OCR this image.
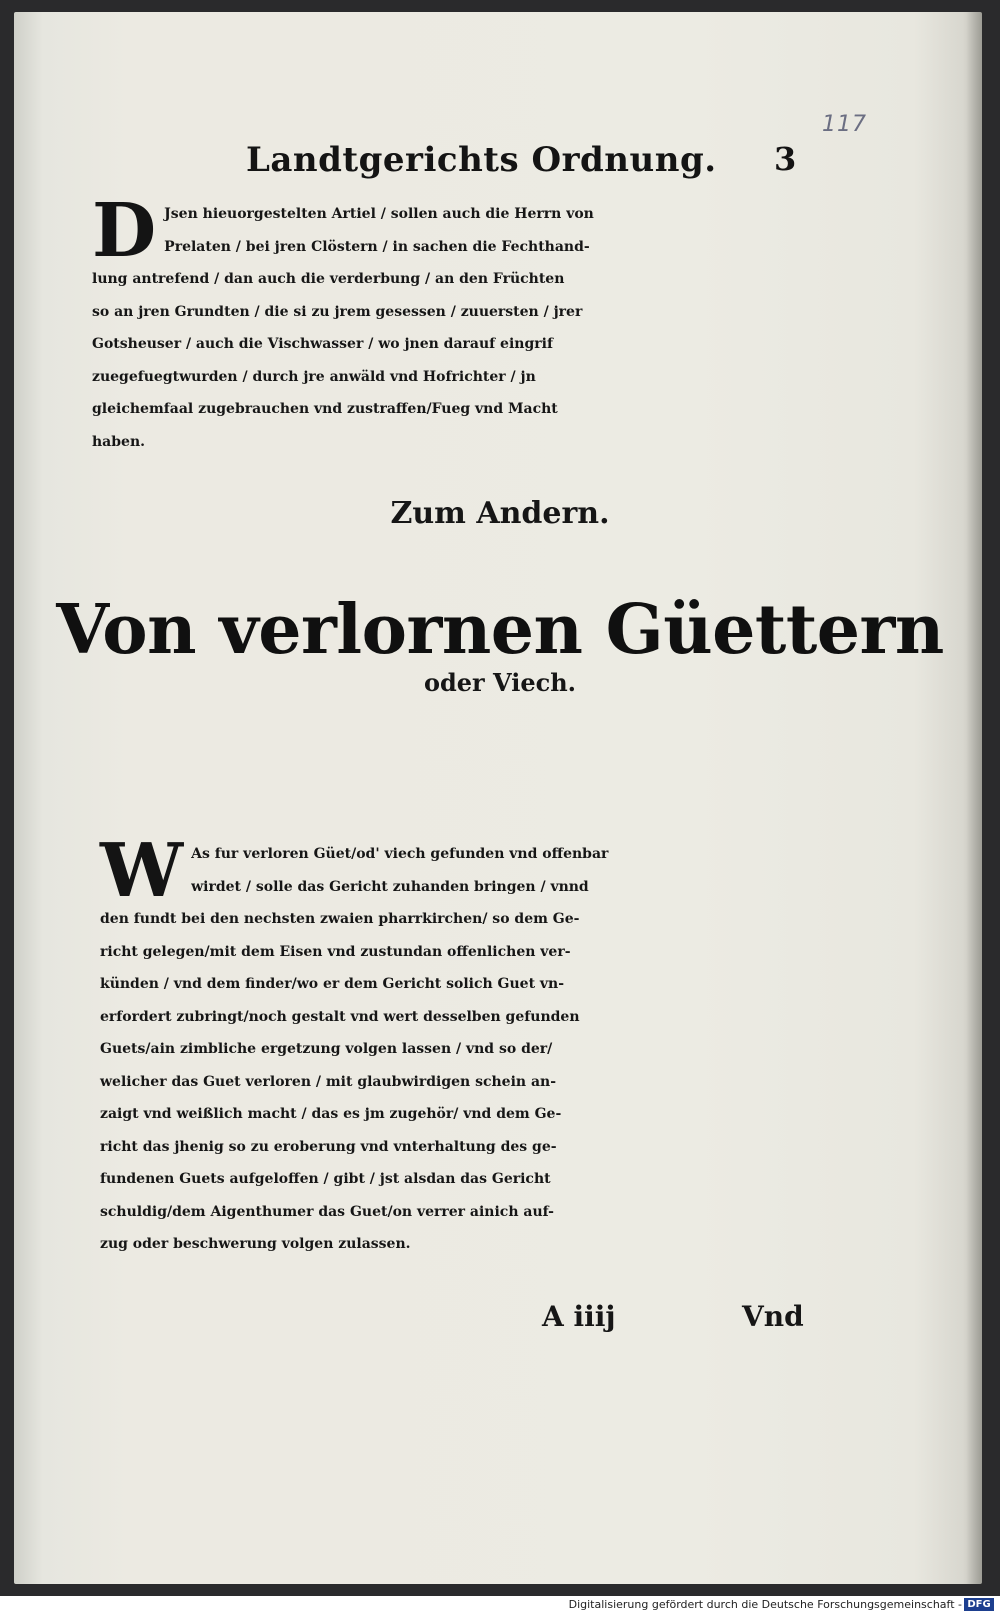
117
Landtgerichts Ordnung. 3
D Jsen hieuorgestelten Artiel / sollen auch die Herrn von
Prelaten / bei jren Clöstern / in sachen die Fechthand-
lung antrefend / dan auch die verderbung / an den Früchten
so an jren Grundten / die si zu jrem gesessen / zuuersten / jrer
Gotsheuser / auch die Vischwasser / wo jnen darauf eingrif
zuegefuegtwurden / durch jre anwäld vnd Hofrichter / jn
gleichemfaal zugebrauchen vnd zustraffen/Fueg vnd Macht
haben.
Zum Andern.
Von verlornen Güettern
oder Viech.
W As fur verloren Güet/od' viech gefunden vnd offenbar
wirdet / solle das Gericht zuhanden bringen / vnnd
den fundt bei den nechsten zwaien pharrkirchen/ so dem Ge-
richt gelegen/mit dem Eisen vnd zustundan offenlichen ver-
künden / vnd dem finder/wo er dem Gericht solich Guet vn-
erfordert zubringt/noch gestalt vnd wert desselben gefunden
Guets/ain zimbliche ergetzung volgen lassen / vnd so der/
welicher das Guet verloren / mit glaubwirdigen schein an-
zaigt vnd weißlich macht / das es jm zugehör/ vnd dem Ge-
richt das jhenig so zu eroberung vnd vnterhaltung des ge-
fundenen Guets aufgeloffen / gibt / jst alsdan das Gericht
schuldig/dem Aigenthumer das Guet/on verrer ainich auf-
zug oder beschwerung volgen zulassen.
A iiij	Vnd
Digitalisierung gefördert durch die Deutsche Forschungsgemeinschaft - DFG
